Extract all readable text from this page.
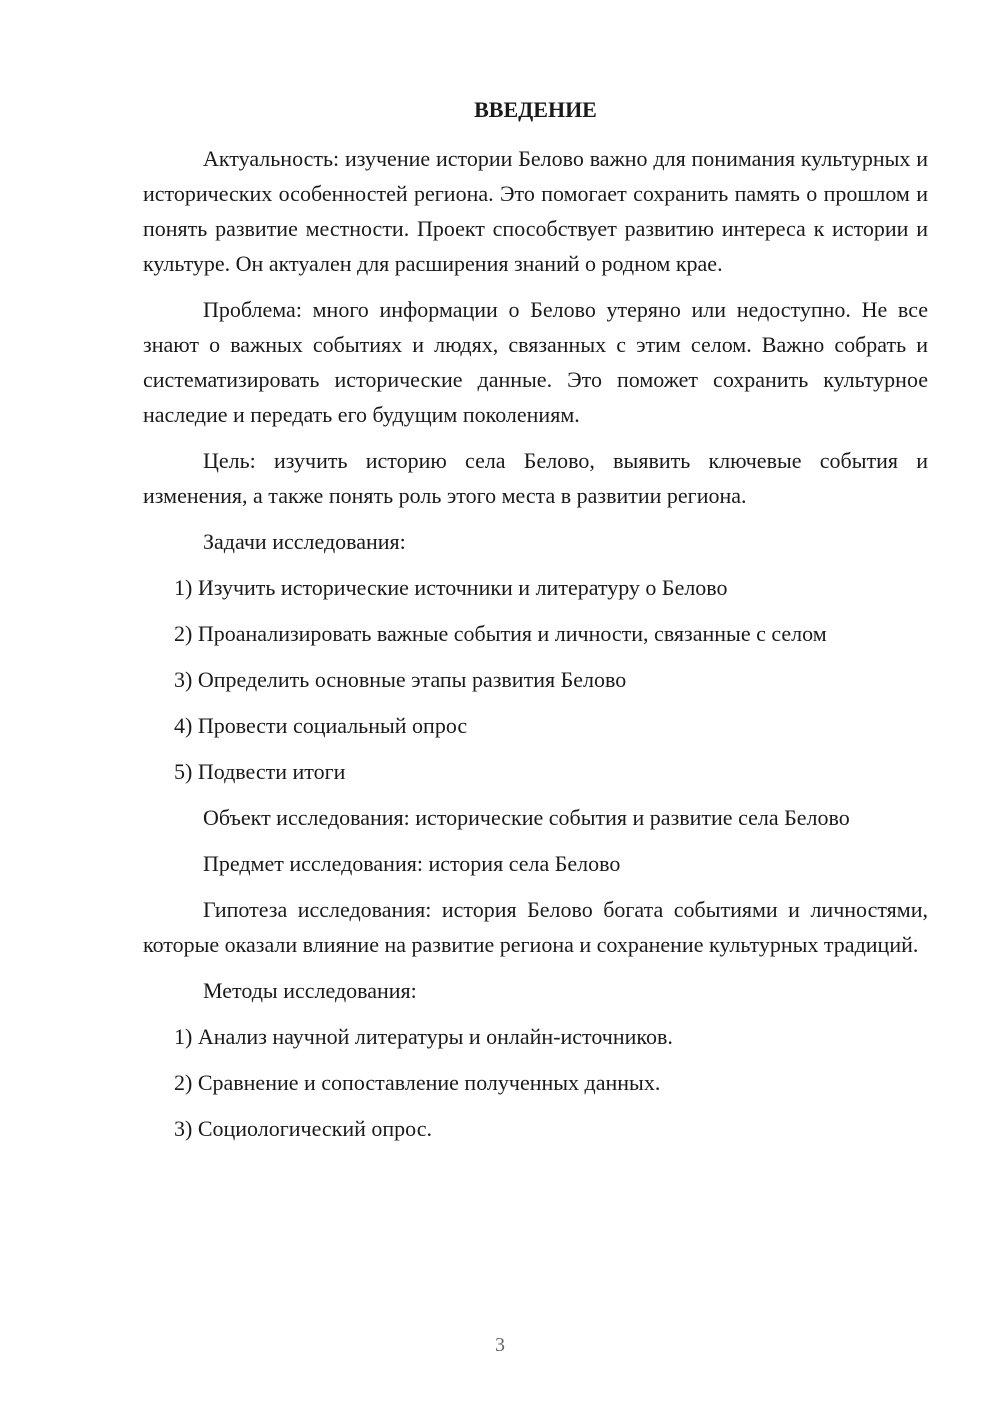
ВВЕДЕНИЕ

Актуальность: изучение истории Белово важно для понимания культурных и исторических особенностей региона. Это помогает сохранить память о прошлом и понять развитие местности. Проект способствует развитию интереса к истории и культуре. Он актуален для расширения знаний о родном крае.

Проблема: много информации о Белово утеряно или недоступно. Не все знают о важных событиях и людях, связанных с этим селом. Важно собрать и систематизировать исторические данные. Это поможет сохранить культурное наследие и передать его будущим поколениям.

Цель: изучить историю села Белово, выявить ключевые события и изменения, а также понять роль этого места в развитии региона.

Задачи исследования:

1) Изучить исторические источники и литературу о Белово

2) Проанализировать важные события и личности, связанные с селом

3) Определить основные этапы развития Белово

4) Провести социальный опрос

5) Подвести итоги

Объект исследования: исторические события и развитие села Белово

Предмет исследования: история села Белово

Гипотеза исследования: история Белово богата событиями и личностями, которые оказали влияние на развитие региона и сохранение культурных традиций.

Методы исследования:

1) Анализ научной литературы и онлайн-источников.

2) Сравнение и сопоставление полученных данных.

3) Социологический опрос.

3
